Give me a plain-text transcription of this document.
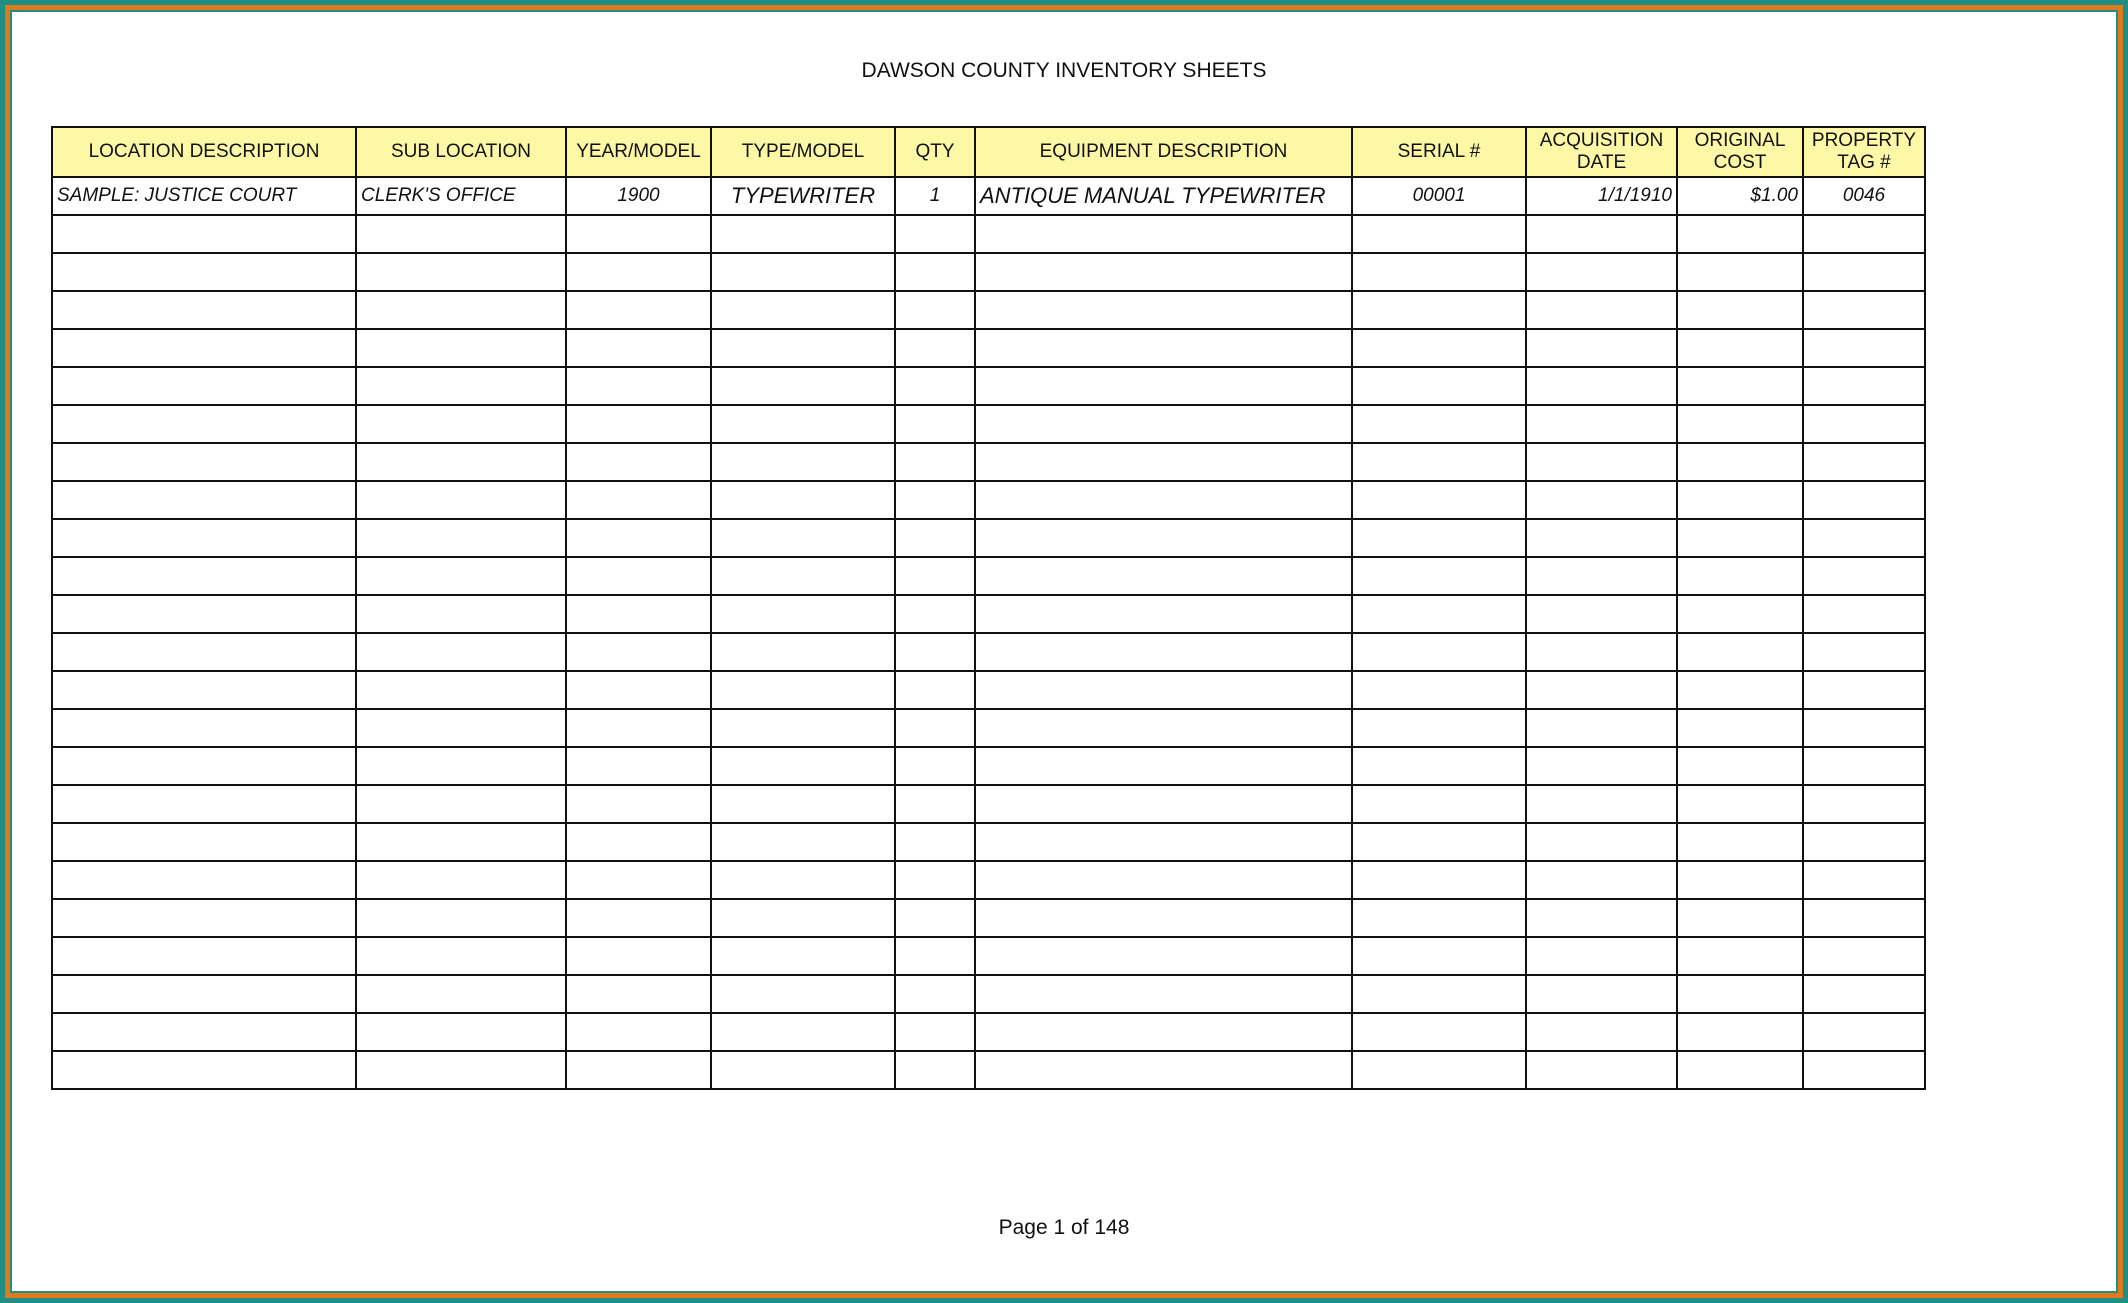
DAWSON COUNTY INVENTORY SHEETS
LOCATION DESCRIPTION	SUB LOCATION	YEAR/MODEL	TYPE/MODEL	QTY	EQUIPMENT DESCRIPTION	SERIAL #	ACQUISITION DATE	ORIGINAL COST	PROPERTY TAG #
SAMPLE: JUSTICE COURT	CLERK'S OFFICE	1900	TYPEWRITER	1	ANTIQUE MANUAL TYPEWRITER	00001	1/1/1910	$1.00	0046

Page 1 of 148
